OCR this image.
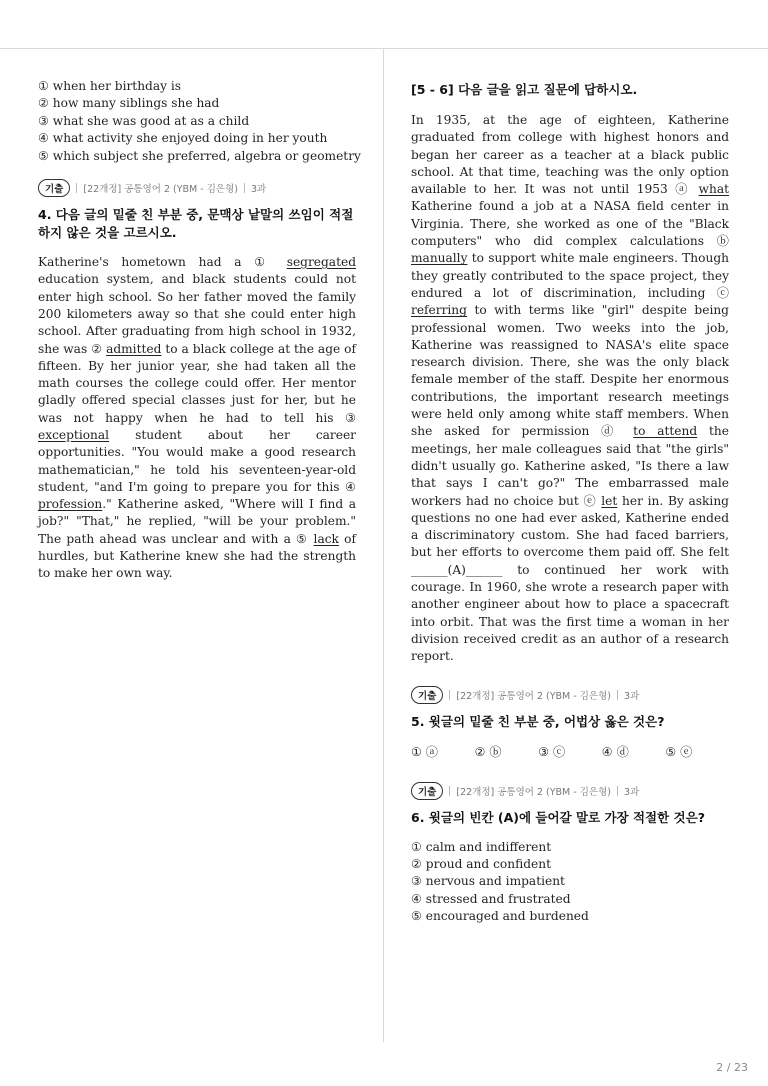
① when her birthday is
② how many siblings she had
③ what she was good at as a child
④ what activity she enjoyed doing in her youth
⑤ which subject she preferred, algebra or geometry
기출	[22개정] 공통영어 2 (YBM - 김은형) 3과
4. 다음 글의 밑줄 친 부분 중, 문맥상 낱말의 쓰임이 적절하지 않은 것을 고르시오.

Katherine's hometown had a ① segregated education system, and black students could not enter high school. So her father moved the family 200 kilometers away so that she could enter high school. After graduating from high school in 1932, she was ② admitted to a black college at the age of fifteen. By her junior year, she had taken all the math courses the college could offer. Her mentor gladly offered special classes just for her, but he was not happy when he had to tell his ③ exceptional student about her career opportunities. "You would make a good research mathematician," he told his seventeen-year-old student, "and I'm going to prepare you for this ④ profession." Katherine asked, "Where will I find a job?" "That," he replied, "will be your problem." The path ahead was unclear and with a ⑤ lack of hurdles, but Katherine knew she had the strength to make her own way.

[5 - 6] 다음 글을 읽고 질문에 답하시오.

In 1935, at the age of eighteen, Katherine graduated from college with highest honors and began her career as a teacher at a black public school. At that time, teaching was the only option available to her. It was not until 1953 ⓐ what Katherine found a job at a NASA field center in Virginia. There, she worked as one of the "Black computers" who did complex calculations ⓑ manually to support white male engineers. Though they greatly contributed to the space project, they endured a lot of discrimination, including ⓒ referring to with terms like "girl" despite being professional women. Two weeks into the job, Katherine was reassigned to NASA's elite space research division. There, she was the only black female member of the staff. Despite her enormous contributions, the important research meetings were held only among white staff members. When she asked for permission ⓓ to attend the meetings, her male colleagues said that "the girls" didn't usually go. Katherine asked, "Is there a law that says I can't go?" The embarrassed male workers had no choice but ⓔ let her in. By asking questions no one had ever asked, Katherine ended a discriminatory custom. She had faced barriers, but her efforts to overcome them paid off. She felt ______(A)______ to continued her work with courage. In 1960, she wrote a research paper with another engineer about how to place a spacecraft into orbit. That was the first time a woman in her division received credit as an author of a research report.

기출	[22개정] 공통영어 2 (YBM - 김은형) 3과
5. 윗글의 밑줄 친 부분 중, 어법상 옳은 것은?
① ⓐ	② ⓑ	③ ⓒ	④ ⓓ	⑤ ⓔ
기출	[22개정] 공통영어 2 (YBM - 김은형) 3과
6. 윗글의 빈칸 (A)에 들어갈 말로 가장 적절한 것은?
① calm and indifferent
② proud and confident
③ nervous and impatient
④ stressed and frustrated
⑤ encouraged and burdened
2 / 23
